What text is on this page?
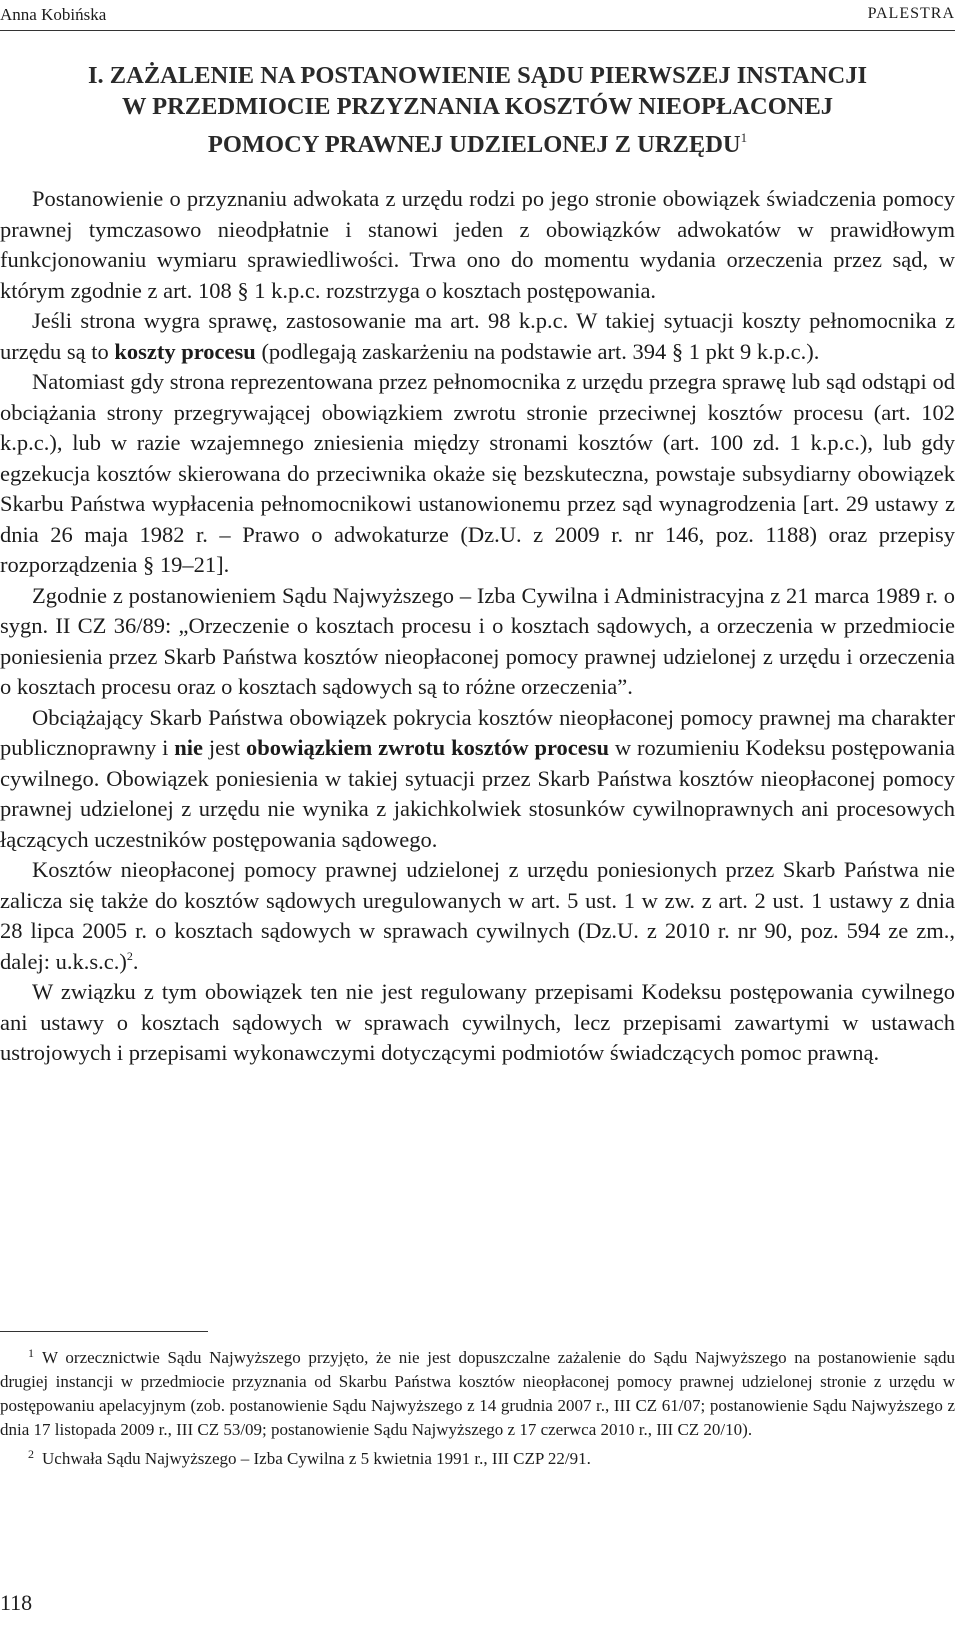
Anna Kobińska	PALESTRA
I. ZAŻALENIE NA POSTANOWIENIE SĄDU PIERWSZEJ INSTANCJI
W PRZEDMIOCIE PRZYZNANIA KOSZTÓW NIEOPŁACONEJ
POMOCY PRAWNEJ UDZIELONEJ Z URZĘDU$^1$

Postanowienie o przyznaniu adwokata z urzędu rodzi po jego stronie obowiązek świadczenia pomocy prawnej tymczasowo nieodpłatnie i stanowi jeden z obowiązków adwokatów w prawidłowym funkcjonowaniu wymiaru sprawiedliwości. Trwa ono do momentu wydania orzeczenia przez sąd, w którym zgodnie z art. 108 § 1 k.p.c. rozstrzyga o kosztach postępowania.

Jeśli strona wygra sprawę, zastosowanie ma art. 98 k.p.c. W takiej sytuacji koszty pełnomocnika z urzędu są to koszty procesu (podlegają zaskarżeniu na podstawie art. 394 § 1 pkt 9 k.p.c.).

Natomiast gdy strona reprezentowana przez pełnomocnika z urzędu przegra sprawę lub sąd odstąpi od obciążania strony przegrywającej obowiązkiem zwrotu stronie przeciwnej kosztów procesu (art. 102 k.p.c.), lub w razie wzajemnego zniesienia między stronami kosztów (art. 100 zd. 1 k.p.c.), lub gdy egzekucja kosztów skierowana do przeciwnika okaże się bezskuteczna, powstaje subsydiarny obowiązek Skarbu Państwa wypłacenia pełnomocnikowi ustanowionemu przez sąd wynagrodzenia [art. 29 ustawy z dnia 26 maja 1982 r. – Prawo o adwokaturze (Dz.U. z 2009 r. nr 146, poz. 1188) oraz przepisy rozporządzenia § 19–21].

Zgodnie z postanowieniem Sądu Najwyższego – Izba Cywilna i Administracyjna z 21 marca 1989 r. o sygn. II CZ 36/89: „Orzeczenie o kosztach procesu i o kosztach sądowych, a orzeczenia w przedmiocie poniesienia przez Skarb Państwa kosztów nieopłaconej pomocy prawnej udzielonej z urzędu i orzeczenia o kosztach procesu oraz o kosztach sądowych są to różne orzeczenia”.

Obciążający Skarb Państwa obowiązek pokrycia kosztów nieopłaconej pomocy prawnej ma charakter publicznoprawny i nie jest obowiązkiem zwrotu kosztów procesu w rozumieniu Kodeksu postępowania cywilnego. Obowiązek poniesienia w takiej sytuacji przez Skarb Państwa kosztów nieopłaconej pomocy prawnej udzielonej z urzędu nie wynika z jakichkolwiek stosunków cywilnoprawnych ani procesowych łączących uczestników postępowania sądowego.

Kosztów nieopłaconej pomocy prawnej udzielonej z urzędu poniesionych przez Skarb Państwa nie zalicza się także do kosztów sądowych uregulowanych w art. 5 ust. 1 w zw. z art. 2 ust. 1 ustawy z dnia 28 lipca 2005 r. o kosztach sądowych w sprawach cywilnych (Dz.U. z 2010 r. nr 90, poz. 594 ze zm., dalej: u.k.s.c.)$^2$.

W związku z tym obowiązek ten nie jest regulowany przepisami Kodeksu postępowania cywilnego ani ustawy o kosztach sądowych w sprawach cywilnych, lecz przepisami zawartymi w ustawach ustrojowych i przepisami wykonawczymi dotyczącymi podmiotów świadczących pomoc prawną.

$^1$ W orzecznictwie Sądu Najwyższego przyjęto, że nie jest dopuszczalne zażalenie do Sądu Najwyższego na postanowienie sądu drugiej instancji w przedmiocie przyznania od Skarbu Państwa kosztów nieopłaconej pomocy prawnej udzielonej stronie z urzędu w postępowaniu apelacyjnym (zob. postanowienie Sądu Najwyższego z 14 grudnia 2007 r., III CZ 61/07; postanowienie Sądu Najwyższego z dnia 17 listopada 2009 r., III CZ 53/09; postanowienie Sądu Najwyższego z 17 czerwca 2010 r., III CZ 20/10).

$^2$ Uchwała Sądu Najwyższego – Izba Cywilna z 5 kwietnia 1991 r., III CZP 22/91.

118
